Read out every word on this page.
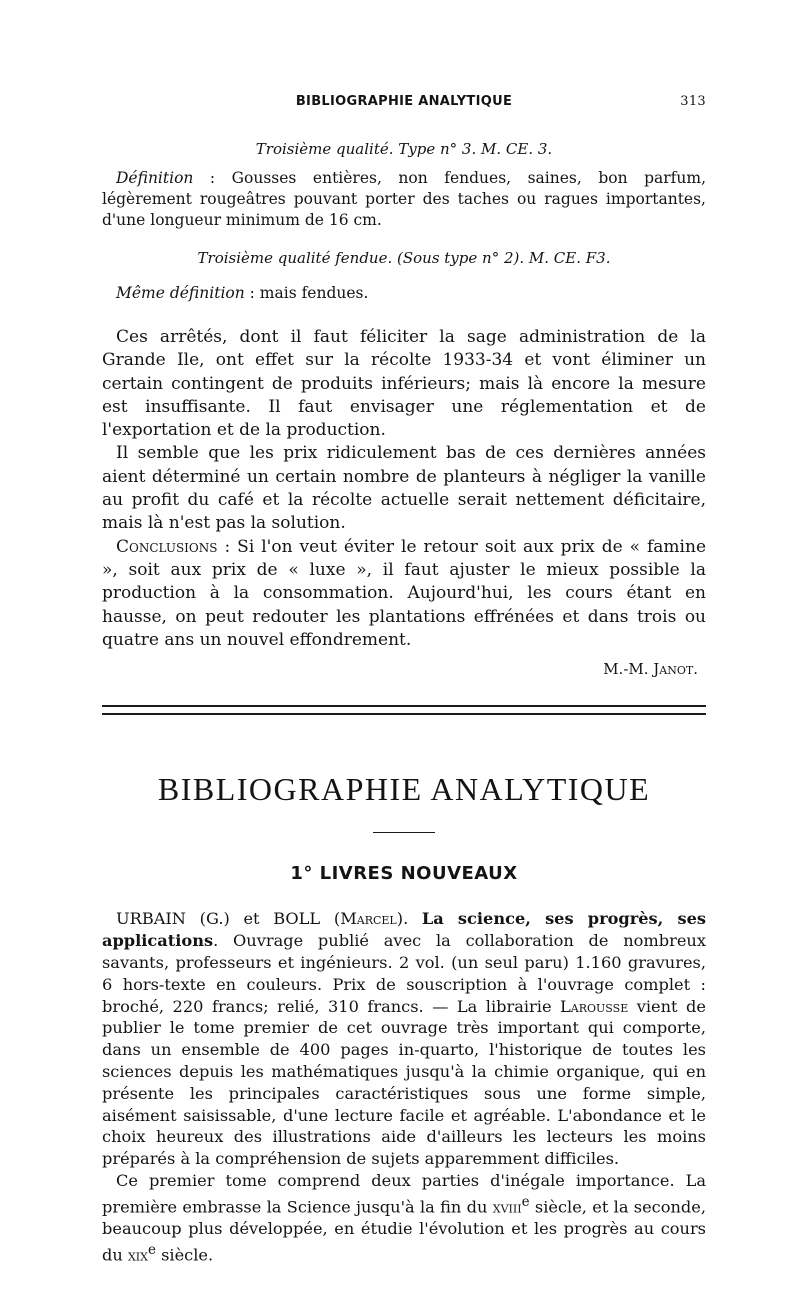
BIBLIOGRAPHIE ANALYTIQUE	313
Troisième qualité. Type n° 3. M. CE. 3.

Définition : Gousses entières, non fendues, saines, bon parfum, légèrement rougeâtres pouvant porter des taches ou ragues importantes, d'une longueur minimum de 16 cm.

Troisième qualité fendue. (Sous type n° 2). M. CE. F3.

Même définition : mais fendues.

Ces arrêtés, dont il faut féliciter la sage administration de la Grande Ile, ont effet sur la récolte 1933-34 et vont éliminer un certain contingent de produits inférieurs; mais là encore la mesure est insuffisante. Il faut envisager une réglementation et de l'exportation et de la production.

Il semble que les prix ridiculement bas de ces dernières années aient déterminé un certain nombre de planteurs à négliger la vanille au profit du café et la récolte actuelle serait nettement déficitaire, mais là n'est pas la solution.

Conclusions : Si l'on veut éviter le retour soit aux prix de « famine », soit aux prix de « luxe », il faut ajuster le mieux possible la production à la consommation. Aujourd'hui, les cours étant en hausse, on peut redouter les plantations effrénées et dans trois ou quatre ans un nouvel effondrement.

M.-M. Janot.
BIBLIOGRAPHIE ANALYTIQUE
1° LIVRES NOUVEAUX

URBAIN (G.) et BOLL (Marcel). La science, ses progrès, ses applications. Ouvrage publié avec la collaboration de nombreux savants, professeurs et ingénieurs. 2 vol. (un seul paru) 1.160 gravures, 6 hors-texte en couleurs. Prix de souscription à l'ouvrage complet : broché, 220 francs; relié, 310 francs. — La librairie Larousse vient de publier le tome premier de cet ouvrage très important qui comporte, dans un ensemble de 400 pages in-quarto, l'historique de toutes les sciences depuis les mathématiques jusqu'à la chimie organique, qui en présente les principales caractéristiques sous une forme simple, aisément saisissable, d'une lecture facile et agréable. L'abondance et le choix heureux des illustrations aide d'ailleurs les lecteurs les moins préparés à la compréhension de sujets apparemment difficiles.

Ce premier tome comprend deux parties d'inégale importance. La première embrasse la Science jusqu'à la fin du xviii$^e$ siècle, et la seconde, beaucoup plus développée, en étudie l'évolution et les progrès au cours du xix$^e$ siècle.
